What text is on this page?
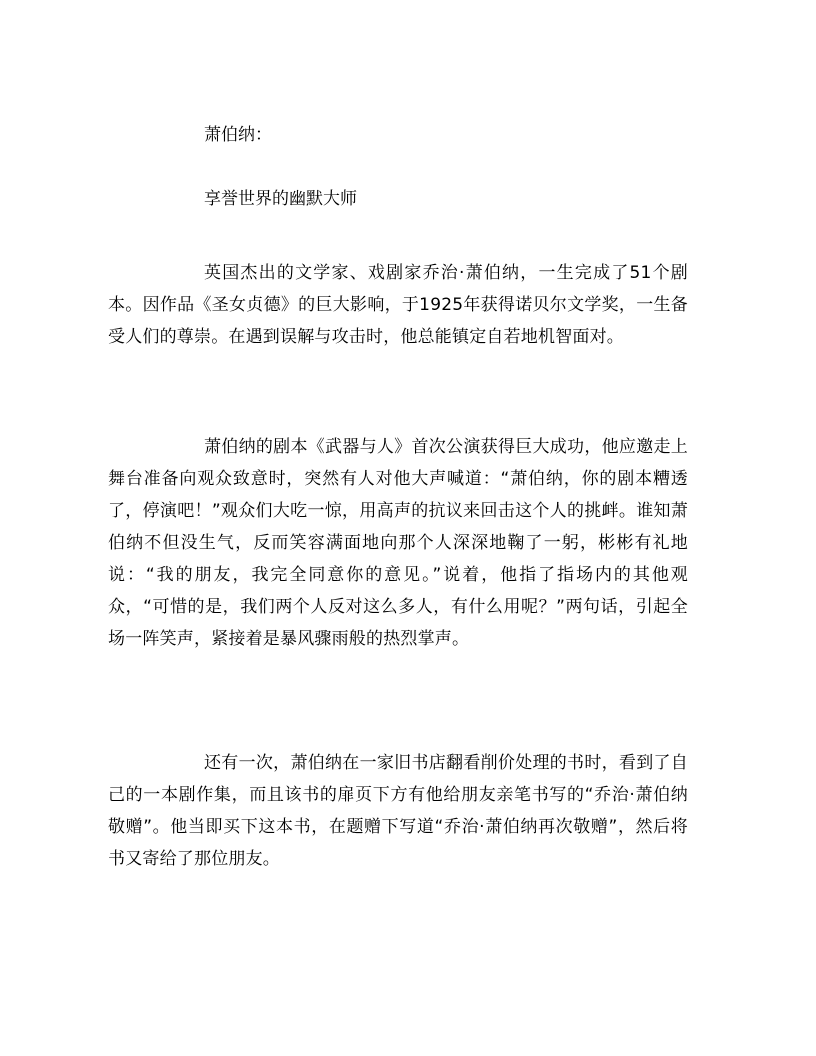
萧伯纳：
享誉世界的幽默大师

英国杰出的文学家、戏剧家乔治·萧伯纳，一生完成了51个剧本。因作品《圣女贞德》的巨大影响，于1925年获得诺贝尔文学奖，一生备受人们的尊崇。在遇到误解与攻击时，他总能镇定自若地机智面对。

萧伯纳的剧本《武器与人》首次公演获得巨大成功，他应邀走上舞台准备向观众致意时，突然有人对他大声喊道：“萧伯纳，你的剧本糟透了，停演吧！”观众们大吃一惊，用高声的抗议来回击这个人的挑衅。谁知萧伯纳不但没生气，反而笑容满面地向那个人深深地鞠了一躬，彬彬有礼地说：“我的朋友，我完全同意你的意见。”说着，他指了指场内的其他观众，“可惜的是，我们两个人反对这么多人，有什么用呢？”两句话，引起全场一阵笑声，紧接着是暴风骤雨般的热烈掌声。

还有一次，萧伯纳在一家旧书店翻看削价处理的书时，看到了自己的一本剧作集，而且该书的扉页下方有他给朋友亲笔书写的“乔治·萧伯纳敬赠”。他当即买下这本书，在题赠下写道“乔治·萧伯纳再次敬赠”，然后将书又寄给了那位朋友。
